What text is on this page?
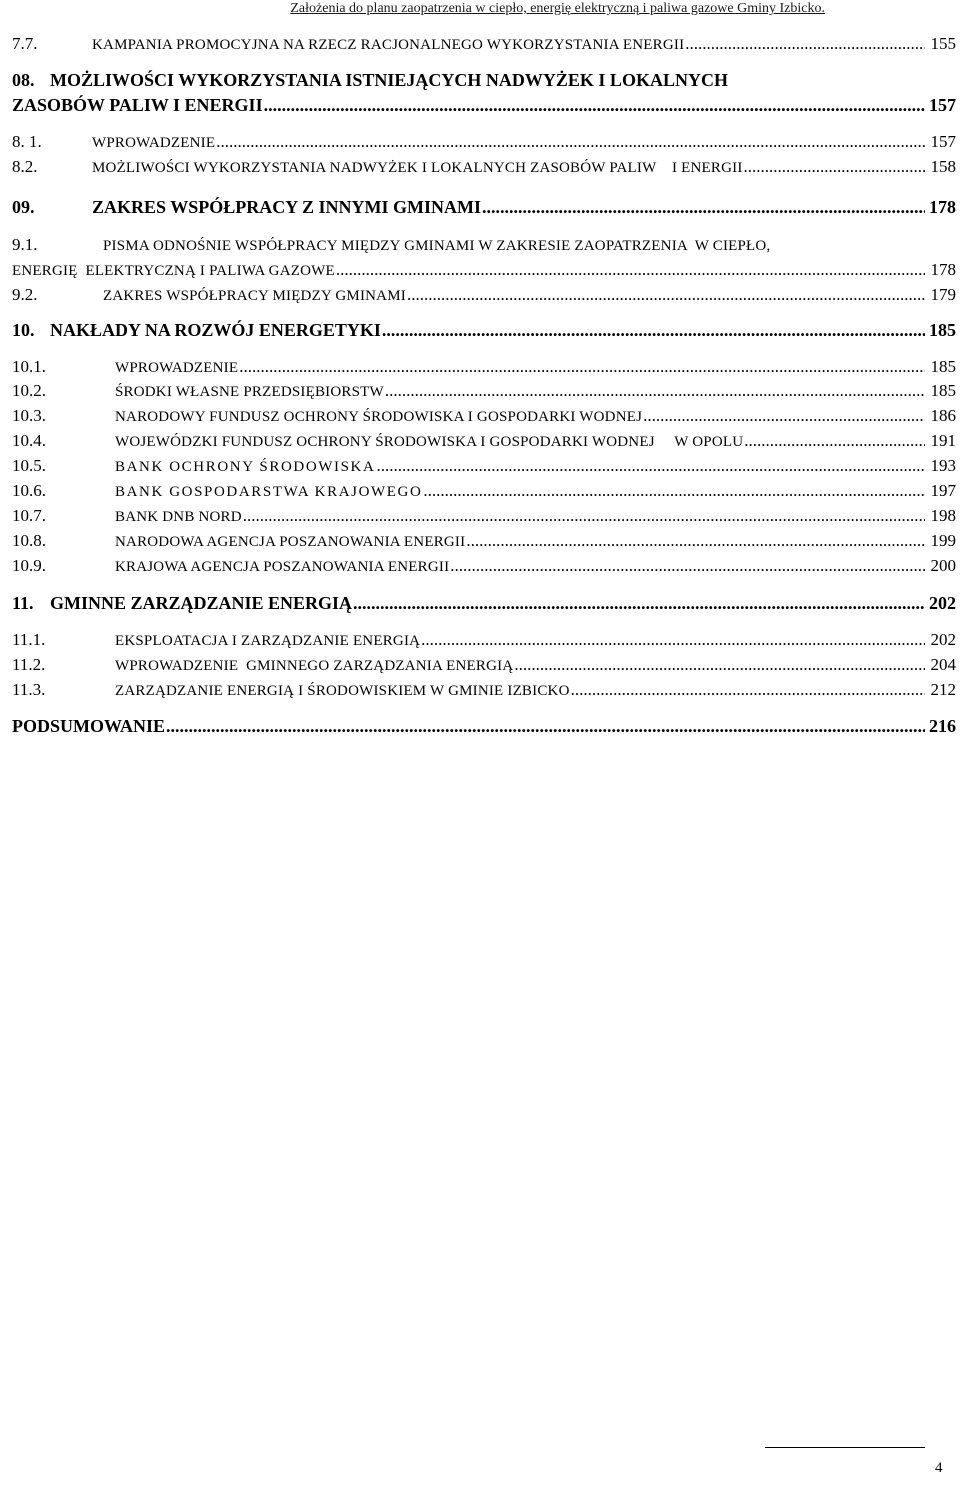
Założenia do planu zaopatrzenia w ciepło, energię elektryczną i paliwa gazowe Gminy Izbicko.
7.7.	KAMPANIA PROMOCYJNA NA RZECZ RACJONALNEGO WYKORZYSTANIA ENERGII .....	155
08. MOŻLIWOŚCI WYKORZYSTANIA ISTNIEJĄCYCH NADWYŻEK I LOKALNYCH
ZASOBÓW PALIW I ENERGII .....	157
8. 1.	WPROWADZENIE .....	157
8.2.	MOŻLIWOŚCI WYKORZYSTANIA NADWYŻEK I LOKALNYCH ZASOBÓW PALIW    I ENERGII .....	158
09.	ZAKRES WSPÓŁPRACY Z INNYMI GMINAMI .....	178
9.1.	PISMA ODNOŚNIE WSPÓŁPRACY MIĘDZY GMINAMI W ZAKRESIE ZAOPATRZENIA  W CIEPŁO,
ENERGIĘ  ELEKTRYCZNĄ I PALIWA GAZOWE .....	178
9.2.	ZAKRES WSPÓŁPRACY MIĘDZY GMINAMI .....	179
10. NAKŁADY NA ROZWÓJ ENERGETYKI .....	185
10.1.	WPROWADZENIE .....	185
10.2.	ŚRODKI WŁASNE PRZEDSIĘBIORSTW .....	185
10.3.	NARODOWY FUNDUSZ OCHRONY ŚRODOWISKA I GOSPODARKI WODNEJ .....	186
10.4.	WOJEWÓDZKI FUNDUSZ OCHRONY ŚRODOWISKA I GOSPODARKI WODNEJ     W OPOLU .....	191
10.5.	BANK OCHRONY ŚRODOWISKA .....	193
10.6.	BANK GOSPODARSTWA KRAJOWEGO .....	197
10.7.	BANK DNB NORD .....	198
10.8.	NARODOWA AGENCJA POSZANOWANIA ENERGII .....	199
10.9.	KRAJOWA AGENCJA POSZANOWANIA ENERGII .....	200
11. GMINNE ZARZĄDZANIE ENERGIĄ .....	202
11.1.	EKSPLOATACJA I ZARZĄDZANIE ENERGIĄ .....	202
11.2.	WPROWADZENIE  GMINNEGO ZARZĄDZANIA ENERGIĄ .....	204
11.3.	ZARZĄDZANIE ENERGIĄ I ŚRODOWISKIEM W GMINIE IZBICKO .....	212
PODSUMOWANIE .....	216
4
